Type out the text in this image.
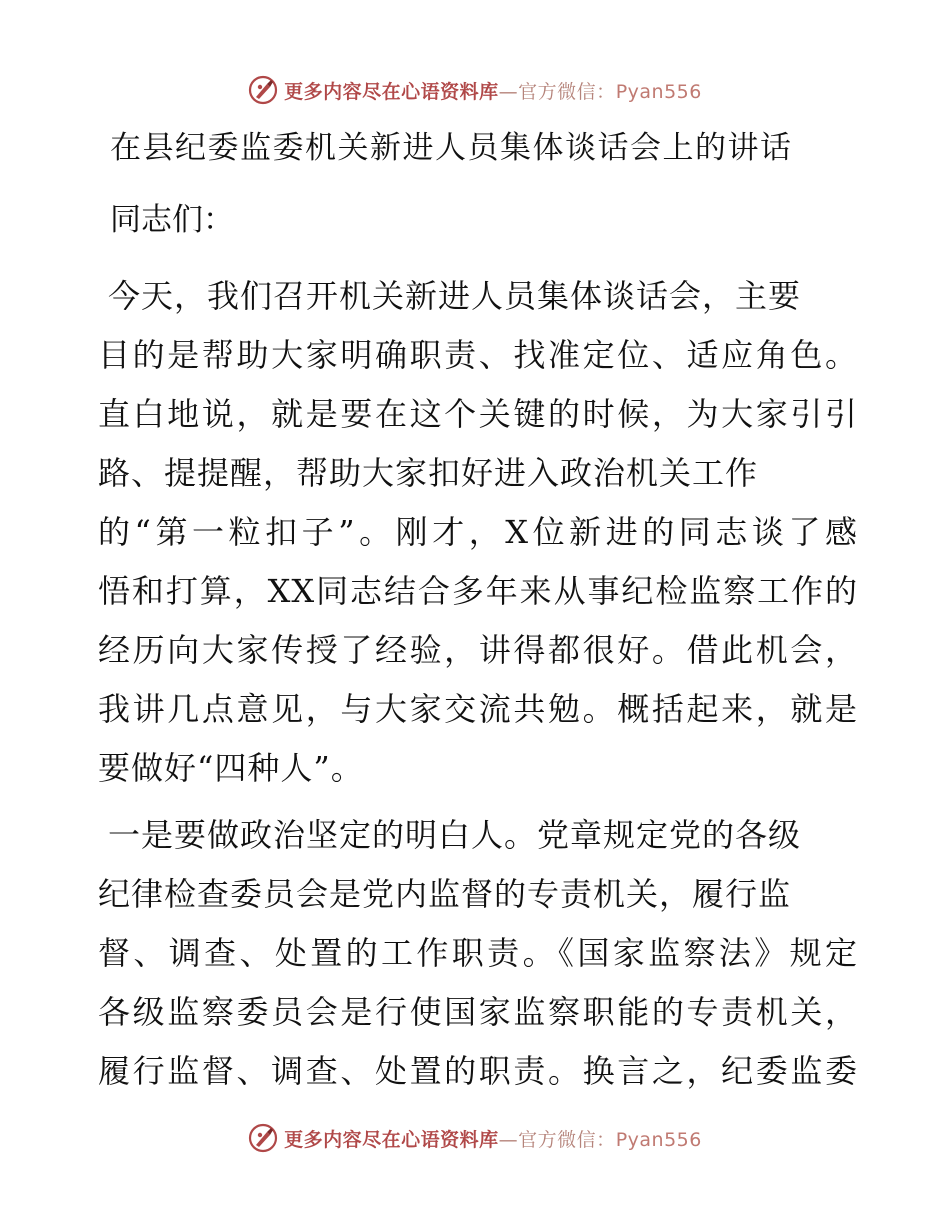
更多内容尽在心语资料库—官方微信：Pyan556
在县纪委监委机关新进人员集体谈话会上的讲话
同志们：
今天，我们召开机关新进人员集体谈话会，主要
目的是帮助大家明确职责、找准定位、适应角色。
直白地说，就是要在这个关键的时候，为大家引引
路、提提醒，帮助大家扣好进入政治机关工作
的“第一粒扣子”。刚才，X位新进的同志谈了感
悟和打算，XX同志结合多年来从事纪检监察工作的
经历向大家传授了经验，讲得都很好。借此机会，
我讲几点意见，与大家交流共勉。概括起来，就是
要做好“四种人”。
一是要做政治坚定的明白人。党章规定党的各级
纪律检查委员会是党内监督的专责机关，履行监
督、调查、处置的工作职责。《国家监察法》规定
各级监察委员会是行使国家监察职能的专责机关，
履行监督、调查、处置的职责。换言之，纪委监委
更多内容尽在心语资料库—官方微信：Pyan556
